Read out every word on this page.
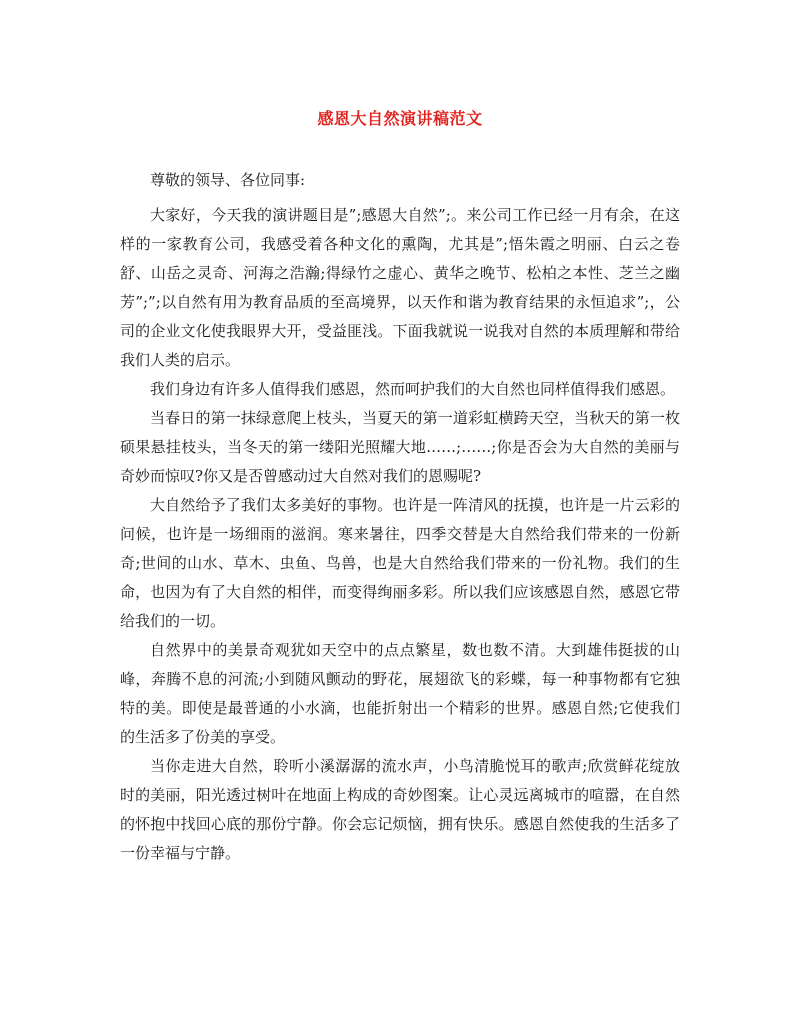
感恩大自然演讲稿范文

尊敬的领导、各位同事:

大家好，今天我的演讲题目是”;感恩大自然”;。来公司工作已经一月有余，在这样的一家教育公司，我感受着各种文化的熏陶，尤其是”;悟朱霞之明丽、白云之卷舒、山岳之灵奇、河海之浩瀚;得绿竹之虚心、黄华之晚节、松柏之本性、芝兰之幽芳”;”;以自然有用为教育品质的至高境界，以天作和谐为教育结果的永恒追求”;，公司的企业文化使我眼界大开，受益匪浅。下面我就说一说我对自然的本质理解和带给我们人类的启示。

我们身边有许多人值得我们感恩，然而呵护我们的大自然也同样值得我们感恩。

当春日的第一抹绿意爬上枝头，当夏天的第一道彩虹横跨天空，当秋天的第一枚硕果悬挂枝头，当冬天的第一缕阳光照耀大地……;……;你是否会为大自然的美丽与奇妙而惊叹?你又是否曾感动过大自然对我们的恩赐呢?

大自然给予了我们太多美好的事物。也许是一阵清风的抚摸，也许是一片云彩的问候，也许是一场细雨的滋润。寒来暑往，四季交替是大自然给我们带来的一份新奇;世间的山水、草木、虫鱼、鸟兽，也是大自然给我们带来的一份礼物。我们的生命，也因为有了大自然的相伴，而变得绚丽多彩。所以我们应该感恩自然，感恩它带给我们的一切。

自然界中的美景奇观犹如天空中的点点繁星，数也数不清。大到雄伟挺拔的山峰，奔腾不息的河流;小到随风颤动的野花，展翅欲飞的彩蝶，每一种事物都有它独特的美。即使是最普通的小水滴，也能折射出一个精彩的世界。感恩自然;它使我们的生活多了份美的享受。

当你走进大自然，聆听小溪潺潺的流水声，小鸟清脆悦耳的歌声;欣赏鲜花绽放时的美丽，阳光透过树叶在地面上构成的奇妙图案。让心灵远离城市的喧嚣，在自然的怀抱中找回心底的那份宁静。你会忘记烦恼，拥有快乐。感恩自然使我的生活多了一份幸福与宁静。
